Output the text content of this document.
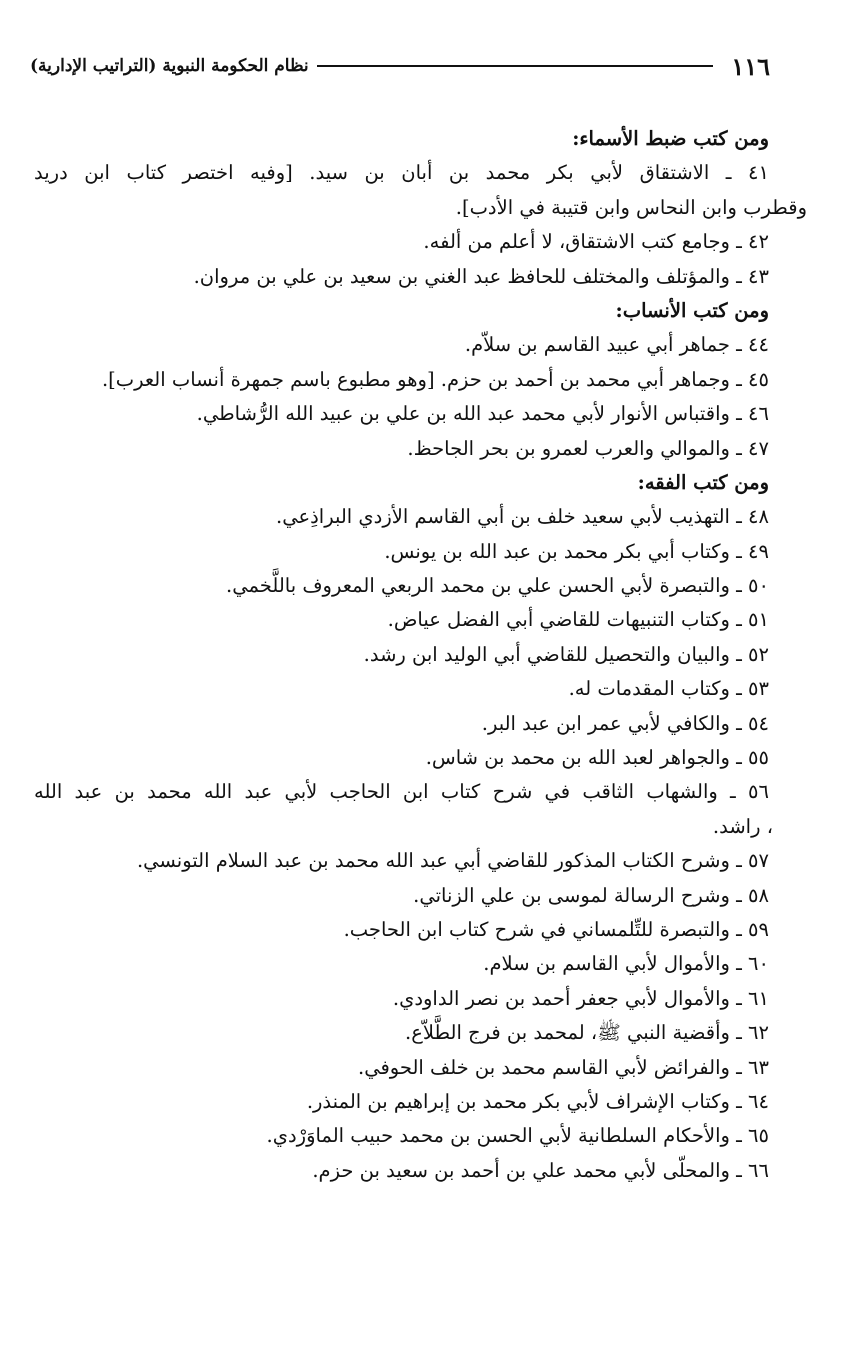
١١٦
نظام الحكومة النبوية (التراتيب الإدارية)
ومن كتب ضبط الأسماء:
٤١ ـ الاشتقاق لأبي بكر محمد بن أبان بن سيد. [وفيه اختصر كتاب ابن دريد
وقطرب وابن النحاس وابن قتيبة في الأدب].
٤٢ ـ وجامع كتب الاشتقاق، لا أعلم من ألفه.
٤٣ ـ والمؤتلف والمختلف للحافظ عبد الغني بن سعيد بن علي بن مروان.
ومن كتب الأنساب:
٤٤ ـ جماهر أبي عبيد القاسم بن سلاّم.
٤٥ ـ وجماهر أبي محمد بن أحمد بن حزم. [وهو مطبوع باسم جمهرة أنساب العرب].
٤٦ ـ واقتباس الأنوار لأبي محمد عبد الله بن علي بن عبيد الله الرُّشاطي.
٤٧ ـ والموالي والعرب لعمرو بن بحر الجاحظ.
ومن كتب الفقه:
٤٨ ـ التهذيب لأبي سعيد خلف بن أبي القاسم الأزدي البراذِعي.
٤٩ ـ وكتاب أبي بكر محمد بن عبد الله بن يونس.
٥٠ ـ والتبصرة لأبي الحسن علي بن محمد الربعي المعروف باللَّخمي.
٥١ ـ وكتاب التنبيهات للقاضي أبي الفضل عياض.
٥٢ ـ والبيان والتحصيل للقاضي أبي الوليد ابن رشد.
٥٣ ـ وكتاب المقدمات له.
٥٤ ـ والكافي لأبي عمر ابن عبد البر.
٥٥ ـ والجواهر لعبد الله بن محمد بن شاس.
٥٦ ـ والشهاب الثاقب في شرح كتاب ابن الحاجب لأبي عبد الله محمد بن عبد الله
، راشد.
٥٧ ـ وشرح الكتاب المذكور للقاضي أبي عبد الله محمد بن عبد السلام التونسي.
٥٨ ـ وشرح الرسالة لموسى بن علي الزناتي.
٥٩ ـ والتبصرة للتِّلمساني في شرح كتاب ابن الحاجب.
٦٠ ـ والأموال لأبي القاسم بن سلام.
٦١ ـ والأموال لأبي جعفر أحمد بن نصر الداودي.
٦٢ ـ وأقضية النبي ﷺ، لمحمد بن فرج الطَّلاّع.
٦٣ ـ والفرائض لأبي القاسم محمد بن خلف الحوفي.
٦٤ ـ وكتاب الإشراف لأبي بكر محمد بن إبراهيم بن المنذر.
٦٥ ـ والأحكام السلطانية لأبي الحسن بن محمد حبيب الماوَرْدي.
٦٦ ـ والمحلّى لأبي محمد علي بن أحمد بن سعيد بن حزم.
